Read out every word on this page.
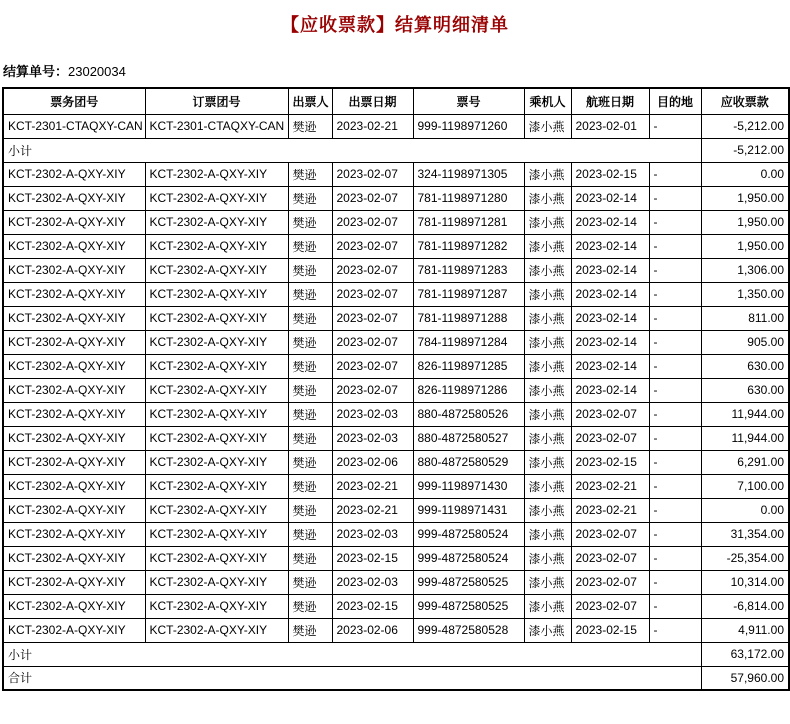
【应收票款】结算明细清单

结算单号：23020034

票务团号	订票团号	出票人	出票日期	票号	乘机人	航班日期	目的地	应收票款
KCT-2301-CTAQXY-CAN	KCT-2301-CTAQXY-CAN	樊逊	2023-02-21	999-1198971260	漆小燕	2023-02-01	-	-5,212.00
小计								-5,212.00
KCT-2302-A-QXY-XIY	KCT-2302-A-QXY-XIY	樊逊	2023-02-07	324-1198971305	漆小燕	2023-02-15	-	0.00
KCT-2302-A-QXY-XIY	KCT-2302-A-QXY-XIY	樊逊	2023-02-07	781-1198971280	漆小燕	2023-02-14	-	1,950.00
KCT-2302-A-QXY-XIY	KCT-2302-A-QXY-XIY	樊逊	2023-02-07	781-1198971281	漆小燕	2023-02-14	-	1,950.00
KCT-2302-A-QXY-XIY	KCT-2302-A-QXY-XIY	樊逊	2023-02-07	781-1198971282	漆小燕	2023-02-14	-	1,950.00
KCT-2302-A-QXY-XIY	KCT-2302-A-QXY-XIY	樊逊	2023-02-07	781-1198971283	漆小燕	2023-02-14	-	1,306.00
KCT-2302-A-QXY-XIY	KCT-2302-A-QXY-XIY	樊逊	2023-02-07	781-1198971287	漆小燕	2023-02-14	-	1,350.00
KCT-2302-A-QXY-XIY	KCT-2302-A-QXY-XIY	樊逊	2023-02-07	781-1198971288	漆小燕	2023-02-14	-	811.00
KCT-2302-A-QXY-XIY	KCT-2302-A-QXY-XIY	樊逊	2023-02-07	784-1198971284	漆小燕	2023-02-14	-	905.00
KCT-2302-A-QXY-XIY	KCT-2302-A-QXY-XIY	樊逊	2023-02-07	826-1198971285	漆小燕	2023-02-14	-	630.00
KCT-2302-A-QXY-XIY	KCT-2302-A-QXY-XIY	樊逊	2023-02-07	826-1198971286	漆小燕	2023-02-14	-	630.00
KCT-2302-A-QXY-XIY	KCT-2302-A-QXY-XIY	樊逊	2023-02-03	880-4872580526	漆小燕	2023-02-07	-	11,944.00
KCT-2302-A-QXY-XIY	KCT-2302-A-QXY-XIY	樊逊	2023-02-03	880-4872580527	漆小燕	2023-02-07	-	11,944.00
KCT-2302-A-QXY-XIY	KCT-2302-A-QXY-XIY	樊逊	2023-02-06	880-4872580529	漆小燕	2023-02-15	-	6,291.00
KCT-2302-A-QXY-XIY	KCT-2302-A-QXY-XIY	樊逊	2023-02-21	999-1198971430	漆小燕	2023-02-21	-	7,100.00
KCT-2302-A-QXY-XIY	KCT-2302-A-QXY-XIY	樊逊	2023-02-21	999-1198971431	漆小燕	2023-02-21	-	0.00
KCT-2302-A-QXY-XIY	KCT-2302-A-QXY-XIY	樊逊	2023-02-03	999-4872580524	漆小燕	2023-02-07	-	31,354.00
KCT-2302-A-QXY-XIY	KCT-2302-A-QXY-XIY	樊逊	2023-02-15	999-4872580524	漆小燕	2023-02-07	-	-25,354.00
KCT-2302-A-QXY-XIY	KCT-2302-A-QXY-XIY	樊逊	2023-02-03	999-4872580525	漆小燕	2023-02-07	-	10,314.00
KCT-2302-A-QXY-XIY	KCT-2302-A-QXY-XIY	樊逊	2023-02-15	999-4872580525	漆小燕	2023-02-07	-	-6,814.00
KCT-2302-A-QXY-XIY	KCT-2302-A-QXY-XIY	樊逊	2023-02-06	999-4872580528	漆小燕	2023-02-15	-	4,911.00
小计								63,172.00
合计								57,960.00
